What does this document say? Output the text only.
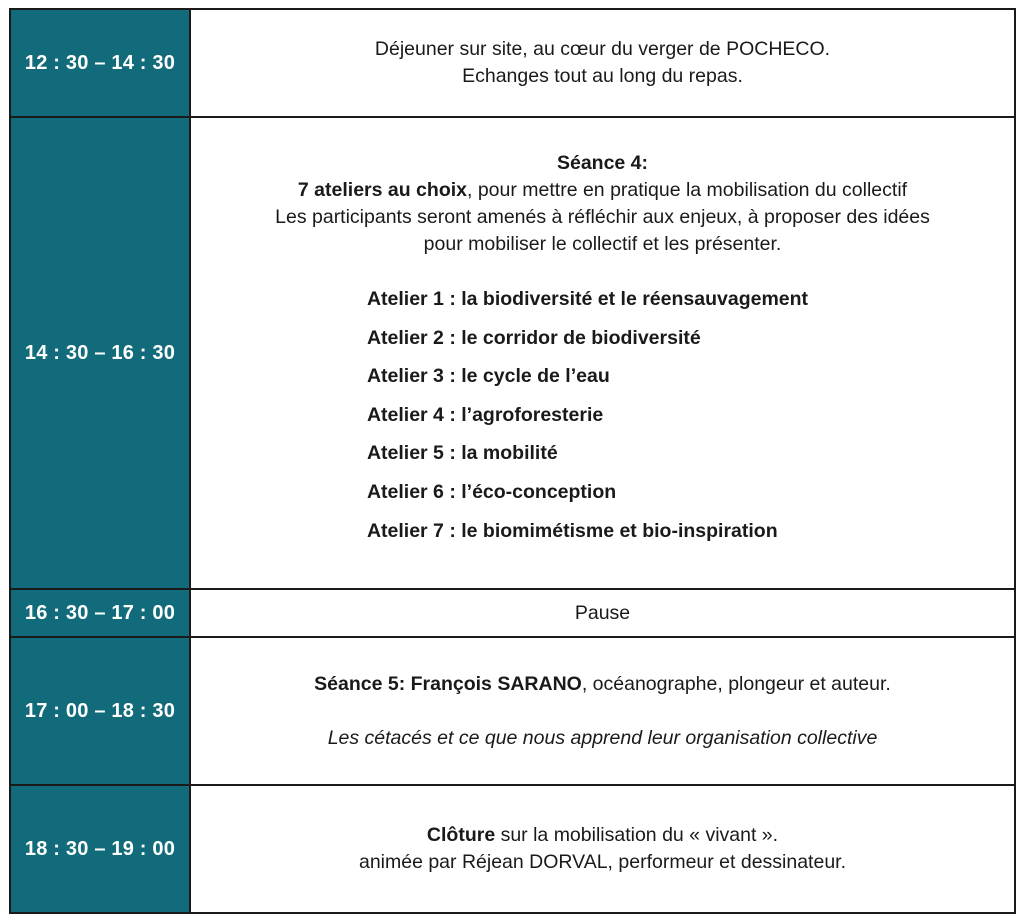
12 : 30 – 14 : 30

Déjeuner sur site, au cœur du verger de POCHECO.

Echanges tout au long du repas.

14 : 30 – 16 : 30

Séance 4:

7 ateliers au choix, pour mettre en pratique la mobilisation du collectif

Les participants seront amenés à réfléchir aux enjeux, à proposer des idées

pour mobiliser le collectif et les présenter.

Atelier 1 : la biodiversité et le réensauvagement

Atelier 2 : le corridor de biodiversité

Atelier 3 : le cycle de l’eau

Atelier 4 : l’agroforesterie

Atelier 5 : la mobilité

Atelier 6 : l’éco-conception

Atelier 7 : le biomimétisme et bio-inspiration

16 : 30 – 17 : 00	Pause

17 : 00 – 18 : 30

Séance 5: François SARANO, océanographe, plongeur et auteur.

Les cétacés et ce que nous apprend leur organisation collective

18 : 30 – 19 : 00

Clôture sur la mobilisation du « vivant ».

animée par Réjean DORVAL, performeur et dessinateur.
